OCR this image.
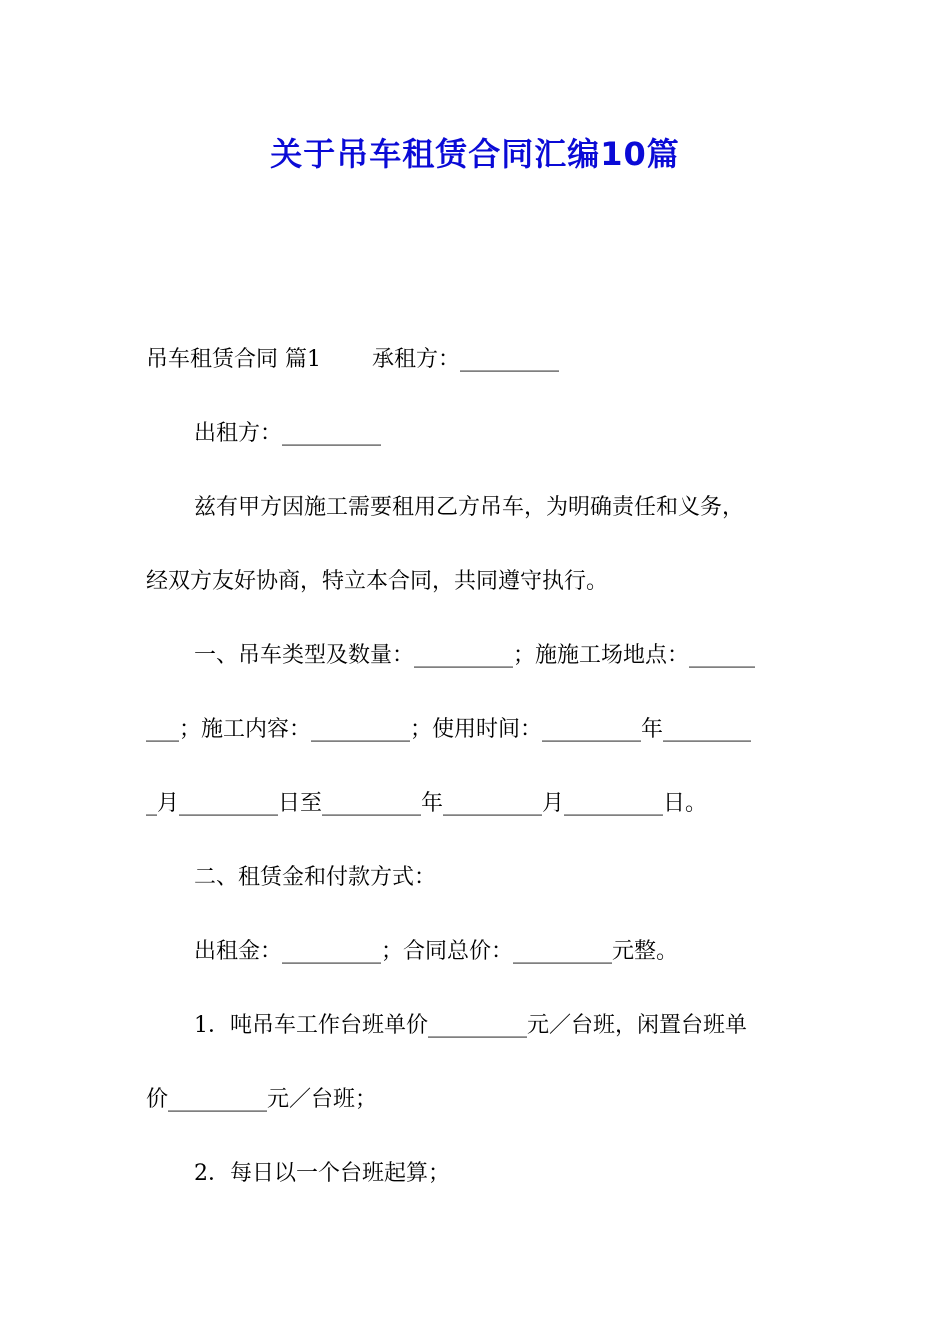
关于吊车租赁合同汇编10篇
吊车租赁合同 篇1　　 承租方：_________
出租方：_________
兹有甲方因施工需要租用乙方吊车，为明确责任和义务，
经双方友好协商，特立本合同，共同遵守执行。
一、吊车类型及数量：_________；施施工场地点：______
___；施工内容：_________；使用时间：_________年________
_月_________日至_________年_________月_________日。
二、租赁金和付款方式：
出租金：_________；合同总价：_________元整。
1．吨吊车工作台班单价_________元／台班，闲置台班单
价_________元／台班；
2．每日以一个台班起算；
